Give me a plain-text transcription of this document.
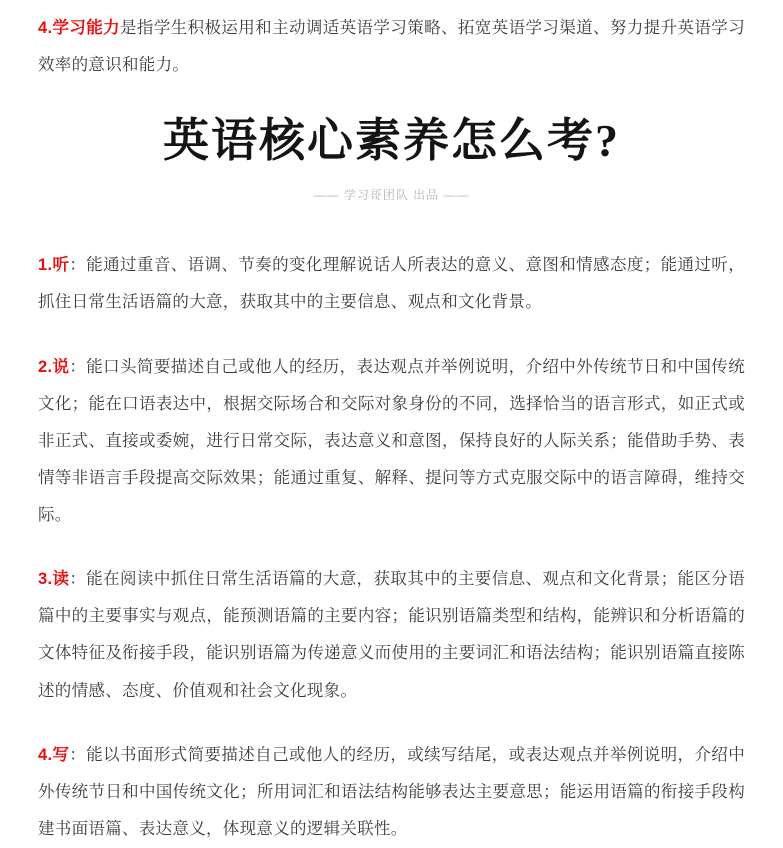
4.学习能力是指学生积极运用和主动调适英语学习策略、拓宽英语学习渠道、努力提升英语学习效率的意识和能力。

英语核心素养怎么考?
—— 学习哥团队 出品 ——

1.听：能通过重音、语调、节奏的变化理解说话人所表达的意义、意图和情感态度；能通过听，抓住日常生活语篇的大意，获取其中的主要信息、观点和文化背景。

2.说：能口头简要描述自己或他人的经历，表达观点并举例说明，介绍中外传统节日和中国传统文化；能在口语表达中，根据交际场合和交际对象身份的不同，选择恰当的语言形式，如正式或非正式、直接或委婉，进行日常交际，表达意义和意图，保持良好的人际关系；能借助手势、表情等非语言手段提高交际效果；能通过重复、解释、提问等方式克服交际中的语言障碍，维持交际。

3.读：能在阅读中抓住日常生活语篇的大意，获取其中的主要信息、观点和文化背景；能区分语篇中的主要事实与观点，能预测语篇的主要内容；能识别语篇类型和结构，能辨识和分析语篇的文体特征及衔接手段，能识别语篇为传递意义而使用的主要词汇和语法结构；能识别语篇直接陈述的情感、态度、价值观和社会文化现象。

4.写：能以书面形式简要描述自己或他人的经历，或续写结尾，或表达观点并举例说明，介绍中外传统节日和中国传统文化；所用词汇和语法结构能够表达主要意思；能运用语篇的衔接手段构建书面语篇、表达意义，体现意义的逻辑关联性。
